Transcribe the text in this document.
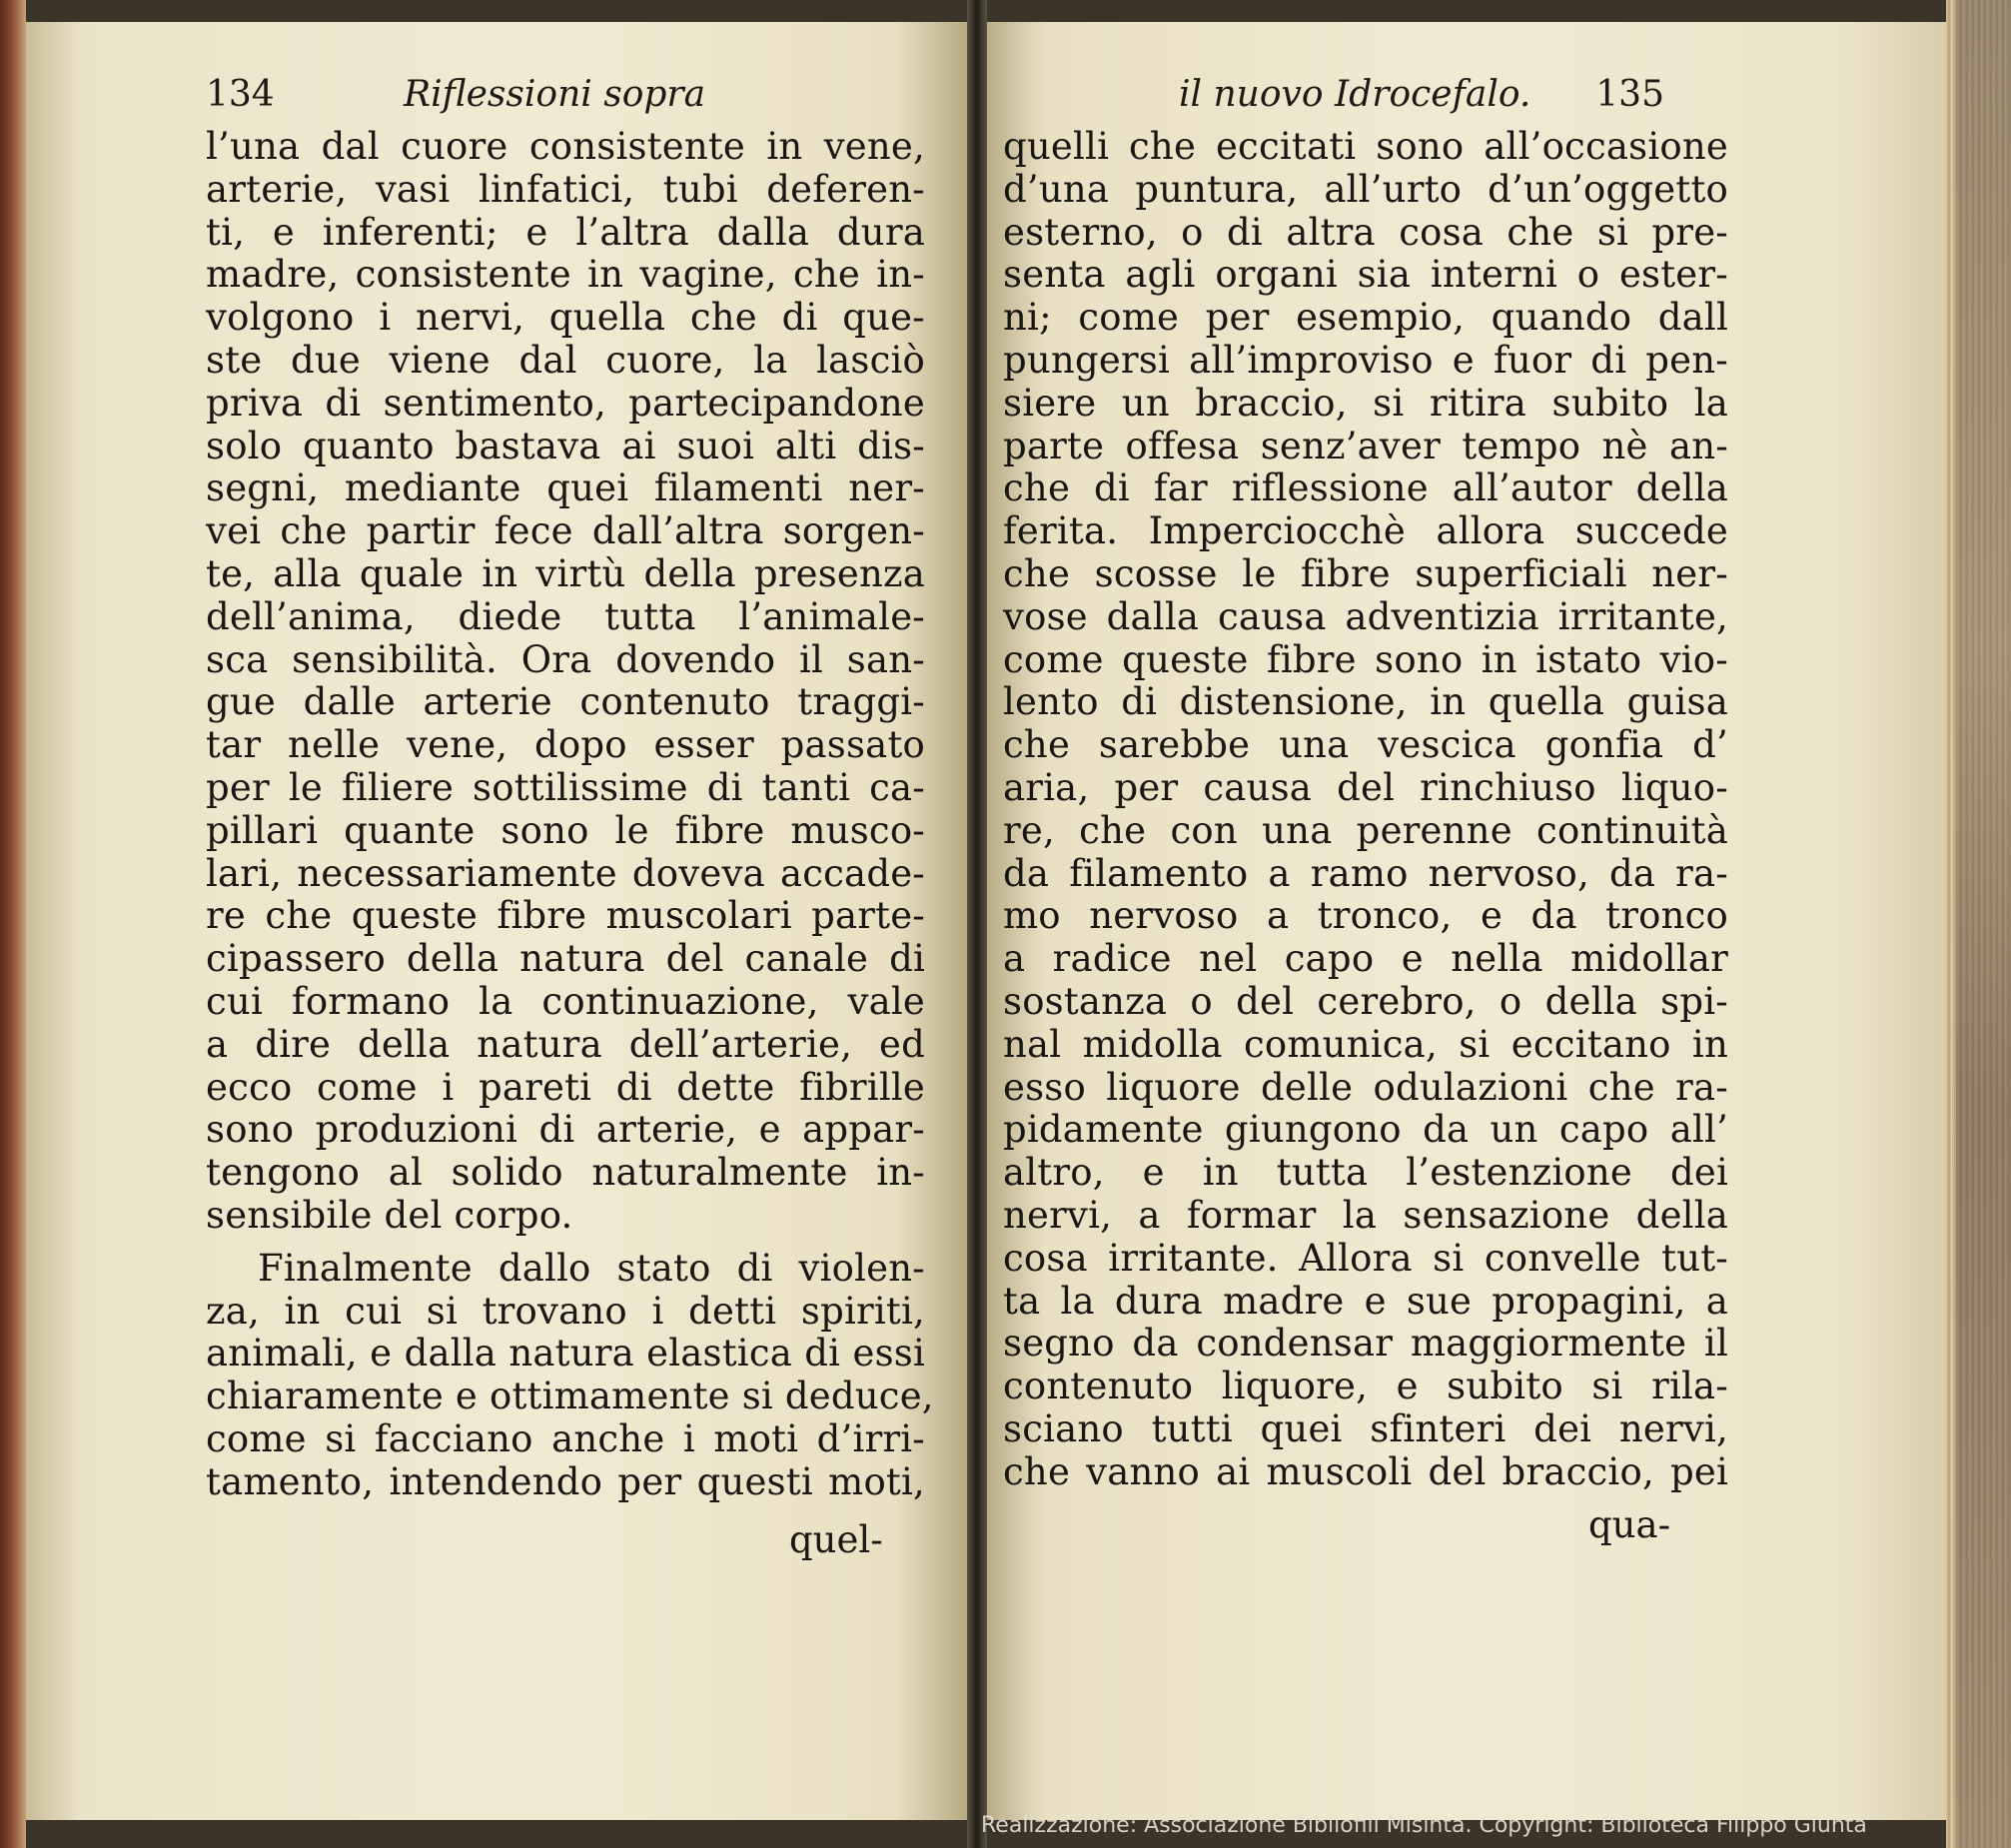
134	Riflessioni sopra	il nuovo Idrocefalo. 135
l’una dal cuore consistente in vene,
arterie, vasi linfatici, tubi deferen-
ti, e inferenti; e l’altra dalla dura
madre, consistente in vagine, che in-
volgono i nervi, quella che di que-
ste due viene dal cuore, la lasciò
priva di sentimento, partecipandone
solo quanto bastava ai suoi alti dis-
segni, mediante quei filamenti ner-
vei che partir fece dall’altra sorgen-
te, alla quale in virtù della presenza
dell’anima, diede tutta l’animale-
sca sensibilità. Ora dovendo il san-
gue dalle arterie contenuto traggi-
tar nelle vene, dopo esser passato
per le filiere sottilissime di tanti ca-
pillari quante sono le fibre musco-
lari, necessariamente doveva accade-
re che queste fibre muscolari parte-
cipassero della natura del canale di
cui formano la continuazione, vale
a dire della natura dell’arterie, ed
ecco come i pareti di dette fibrille
sono produzioni di arterie, e appar-
tengono al solido naturalmente in-
sensibile del corpo.
Finalmente dallo stato di violen-
za, in cui si trovano i detti spiriti,
animali, e dalla natura elastica di essi
chiaramente e ottimamente si deduce,
come si facciano anche i moti d’irri-
tamento, intendendo per questi moti,
quel-
quelli che eccitati sono all’occasione
d’una puntura, all’urto d’un’oggetto
esterno, o di altra cosa che si pre-
senta agli organi sia interni o ester-
ni; come per esempio, quando dall
pungersi all’improviso e fuor di pen-
siere un braccio, si ritira subito la
parte offesa senz’aver tempo nè an-
che di far riflessione all’autor della
ferita. Imperciocchè allora succede
che scosse le fibre superficiali ner-
vose dalla causa adventizia irritante,
come queste fibre sono in istato vio-
lento di distensione, in quella guisa
che sarebbe una vescica gonfia d’
aria, per causa del rinchiuso liquo-
re, che con una perenne continuità
da filamento a ramo nervoso, da ra-
mo nervoso a tronco, e da tronco
a radice nel capo e nella midollar
sostanza o del cerebro, o della spi-
nal midolla comunica, si eccitano in
esso liquore delle odulazioni che ra-
pidamente giungono da un capo all’
altro, e in tutta l’estenzione dei
nervi, a formar la sensazione della
cosa irritante. Allora si convelle tut-
ta la dura madre e sue propagini, a
segno da condensar maggiormente il
contenuto liquore, e subito si rila-
sciano tutti quei sfinteri dei nervi,
che vanno ai muscoli del braccio, pei
qua-
Realizzazione: Associazione Bibliofili Misinta. Copyright: Biblioteca Filippo Giunta
